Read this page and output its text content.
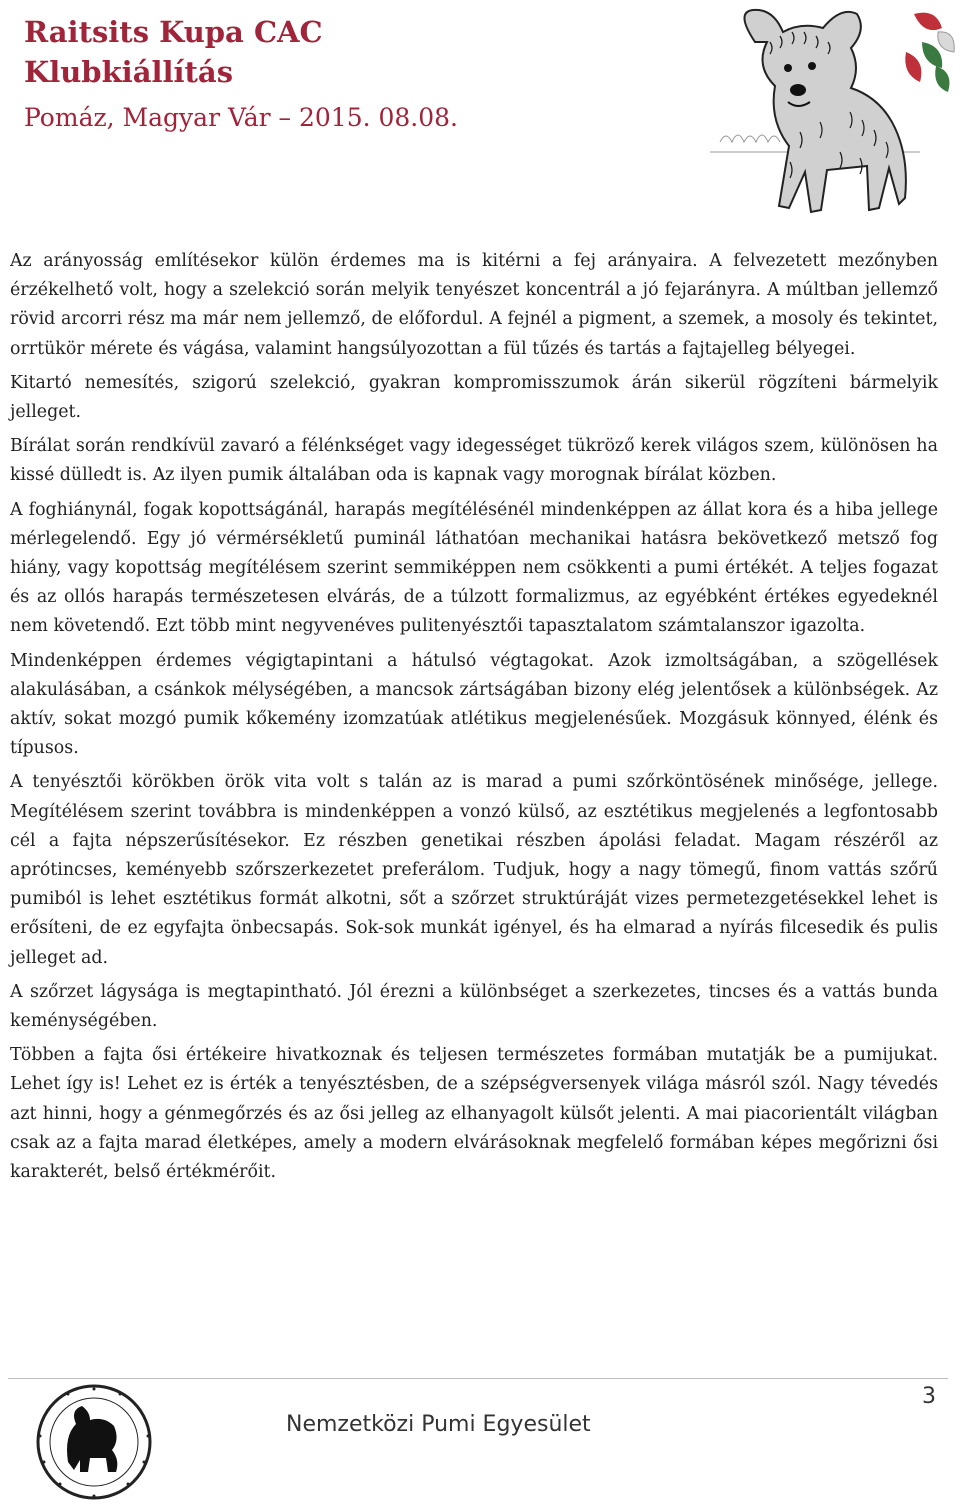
Raitsits Kupa CAC
Klubkiállítás
Pomáz, Magyar Vár – 2015. 08.08.

Az arányosság említésekor külön érdemes ma is kitérni a fej arányaira. A felvezetett mezőnyben érzékelhető volt, hogy a szelekció során melyik tenyészet koncentrál a jó fejarányra. A múltban jellemző rövid arcorri rész ma már nem jellemző, de előfordul. A fejnél a pigment, a szemek, a mosoly és tekintet, orrtükör mérete és vágása, valamint hangsúlyozottan a fül tűzés és tartás a fajtajelleg bélyegei.

Kitartó nemesítés, szigorú szelekció, gyakran kompromisszumok árán sikerül rögzíteni bármelyik jelleget.

Bírálat során rendkívül zavaró a félénkséget vagy idegességet tükröző kerek világos szem, különösen ha kissé dülledt is. Az ilyen pumik általában oda is kapnak vagy morognak bírálat közben.

A foghiánynál, fogak kopottságánál, harapás megítélésénél mindenképpen az állat kora és a hiba jellege mérlegelendő. Egy jó vérmérsékletű puminál láthatóan mechanikai hatásra bekövetkező metsző fog hiány, vagy kopottság megítélésem szerint semmiképpen nem csökkenti a pumi értékét. A teljes fogazat és az ollós harapás természetesen elvárás, de a túlzott formalizmus, az egyébként értékes egyedeknél nem követendő. Ezt több mint negyvenéves pulitenyésztői tapasztalatom számtalanszor igazolta.

Mindenképpen érdemes végigtapintani a hátulsó végtagokat. Azok izmoltságában, a szögellések alakulásában, a csánkok mélységében, a mancsok zártságában bizony elég jelentősek a különbségek. Az aktív, sokat mozgó pumik kőkemény izomzatúak atlétikus megjelenésűek. Mozgásuk könnyed, élénk és típusos.

A tenyésztői körökben örök vita volt s talán az is marad a pumi szőrköntösének minősége, jellege. Megítélésem szerint továbbra is mindenképpen a vonzó külső, az esztétikus megjelenés a legfontosabb cél a fajta népszerűsítésekor. Ez részben genetikai részben ápolási feladat. Magam részéről az aprótincses, keményebb szőrszerkezetet preferálom. Tudjuk, hogy a nagy tömegű, finom vattás szőrű pumiból is lehet esztétikus formát alkotni, sőt a szőrzet struktúráját vizes permetezgetésekkel lehet is erősíteni, de ez egyfajta önbecsapás. Sok-sok munkát igényel, és ha elmarad a nyírás filcesedik és pulis jelleget ad.

A szőrzet lágysága is megtapintható. Jól érezni a különbséget a szerkezetes, tincses és a vattás bunda keménységében.

Többen a fajta ősi értékeire hivatkoznak és teljesen természetes formában mutatják be a pumijukat. Lehet így is! Lehet ez is érték a tenyésztésben, de a szépségversenyek világa másról szól. Nagy tévedés azt hinni, hogy a génmegőrzés és az ősi jelleg az elhanyagolt külsőt jelenti. A mai piacorientált világban csak az a fajta marad életképes, amely a modern elvárásoknak megfelelő formában képes megőrizni ősi karakterét, belső értékmérőit.

Nemzetközi Pumi Egyesület
3
